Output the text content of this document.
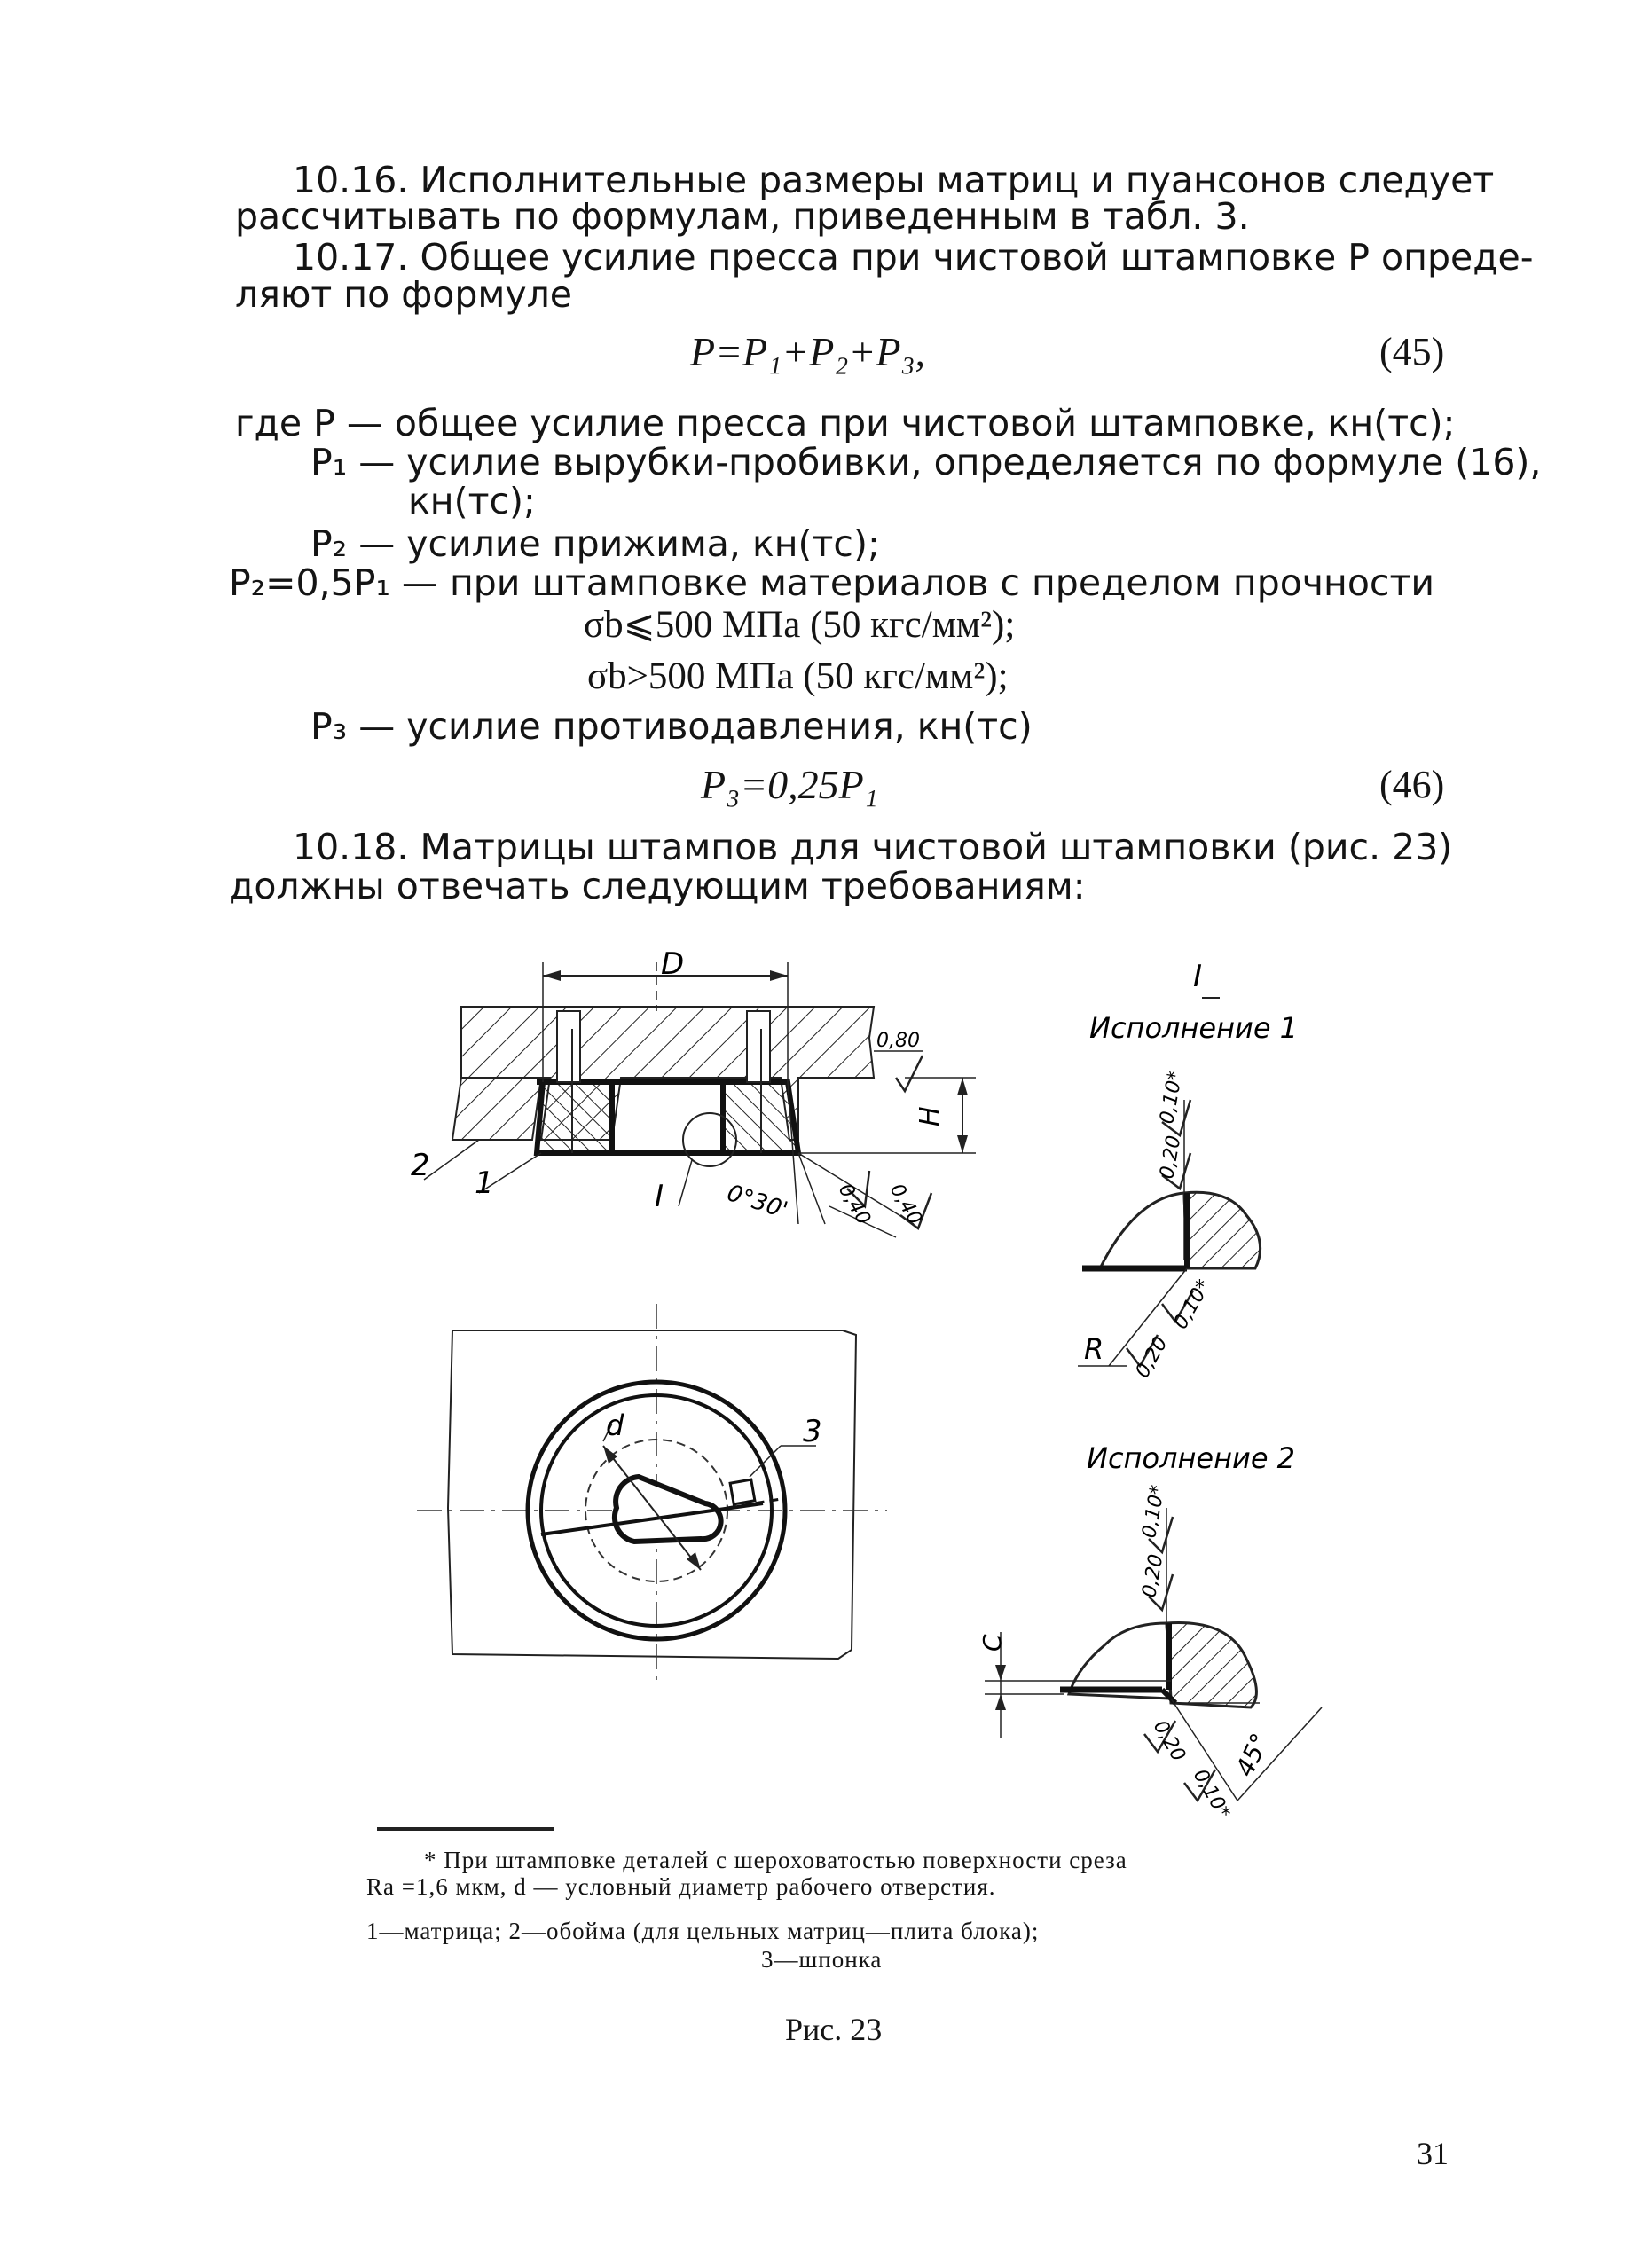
10.16. Исполнительные размеры матриц и пуансонов следует
рассчитывать по формулам, приведенным в табл. 3.
10.17. Общее усилие пресса при чистовой штамповке P опреде-
ляют по формуле
P=P₁+P₂+P₃,	(45)
где P — общее усилие пресса при чистовой штамповке, кн(тс);
P₁ — усилие вырубки-пробивки, определяется по формуле (16),
кн(тс);
P₂ — усилие прижима, кн(тс);
P₂=0,5P₁ — при штамповке материалов с пределом прочности
σb⩽500 МПа (50 кгс/мм²);
σb>500 МПа (50 кгс/мм²);
P₃ — усилие противодавления, кн(тс)
P₃=0,25P₁	(46)
10.18. Матрицы штампов для чистовой штамповки (рис. 23)
должны отвечать следующим требованиям:
D
H
I
1
2
3
d
R
C
0°30'
45°
0,80
0,40 0,40
0,10*
0,20
0,10*
0,20
0,10*
0,20
0,20
0,10*
I
Исполнение 1
Исполнение 2
* При штамповке деталей с шероховатостью поверхности среза
Ra =1,6 мкм, d — условный диаметр рабочего отверстия.
1—матрица; 2—обойма (для цельных матриц—плита блока);
3—шпонка
Рис. 23
31
